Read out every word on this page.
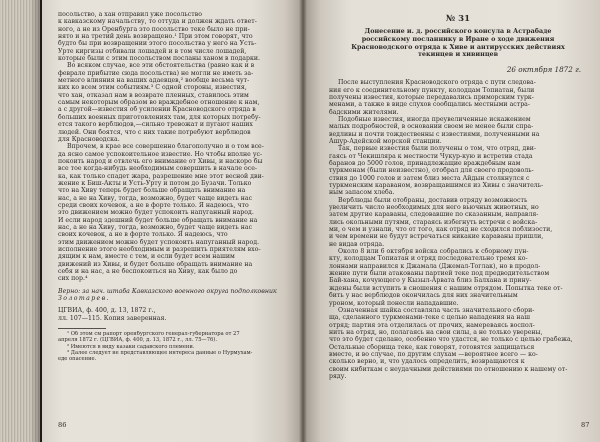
посольство, а хан отправил уже посольство
к кавказскому начальству, то оттуда и должен ждать ответ-
ного, а не из Оренбурга это посольство теке было не при-
нято и на третий день возвращено.¹ При этом говорят, что
будто бы при возвращении этого посольства у него на Усть-
Урте киргизы отбивали лошадей и в том числе лошадей,
которые были с этим посольством посланы ханом в подарки.
Во всяком случае, все эти обстоятельства (равно как и в
феврале прибытие сюда посольства) не могли не иметь за-
метного влияния на ваших адаевцев,² вообще весьма чут-
ких ко всем этим событиям.³ С одной стороны, известия,
что хан, отказал нам в возврате пленных, ставилось этим
самым некоторым образом во враждебное отношение к нам,
а с другой—известия об усилении Красноводского отряда в
больших военных приготовлениях там, для которых потребу-
ется такого верблюдов,—сильно тревожат и пугают наших
людей. Они боятся, что с них такие потребуют верблюдов
для Красноводска.
Впрочем, в крае все совершенно благополучно и о том все-
да ясно самое успокоительное известие. Но чтобы вполне ус-
покоить народ и отвлечь его внимание от Хивы, и наскоро бы
все тое когда-нибудь необходимым совершить в начале осе-
ка, как только спадет жара, разрешение мне этот весной дви-
жение к Биш-Акты и Усть-Урту и потом до Бузачи. Только
что на Хиву теперь будет больше обращать внимание на
нас, а не на Хиву, тогда, возможно, будет чаще видеть нас
среди своих кочевок, а не в форте только. Я надеюсь, что
это движением можно будет успокоить напуганный народ.
И если народ здешний будет больше обращать внимание на
нас, а не на Хиву, тогда, возможно, будет чаще видеть нас
своих кочевок, а не в форте только. Я надеюсь, что
этим движением можно будет успокоить напуганный народ.
исполнение этого необходимым и разрешить приятелям вхо-
дящим к нам, вместе с тем, и если будет всем нашим
движений из Хивы, и будет больше обращать внимание на
себя и на нас, а не беспокоиться на Хиву, как было до
сих пор.⁴
Верно: за нач. штаба Кавказского военного округа подполковник
Золотарев.
ЦГВИА, ф. 400, д. 13, 1872 г.,
лл. 107—115. Копия заверенная.
¹ Об этом см рапорт оренбургского генерал-губернатора от 27
апреля 1872 г. (ЦГВИА, ф. 400, д. 13, 1872 г., лл. 75—76).
² Имеются в виду казаки садавского племени.
³ Далее следует не представляющее интереса данные о Нурмухам-
еде опасение.
86
№ 31
Донесение и. д. российского консула в Астрабаде
российскому посланнику в Иране о ходе движения
Красноводского отряда к Хиве и антирусских действиях
текинцев и хивинцев
26 октября 1872 г.
После выступления Красноводского отряда с пути следова-
ния его к соединительному пункту, колодцам Топиатан, были
получены известия, которые передавались приморским турк-
менами, а также в виде слухов сообщались местными астра-
бадскими жителями.
Подобные известия, иногда преувеличенные искажением
малых подробностей, в основании своем не менее были спра-
ведливы и почти тождественны с известиями, полученными на
Ашур-Адейской морской станции.
Так, первые известия были получены о том, что отряд, дви-
гаясь от Чекишляра к местности Чукур-кую и встретив стада
баранов до 5000 голов, принадлежащие враждебным нам
туркменам (были неизвестно), отобрал для своего продоволь-
ствия до 1000 голов и затем близ места Айдын столкнулся с
туркменским караваном, возвращавшимся из Хивы с значитель-
ным запасом хлеба.
Верблюды были отобраны, доставив отряду возможность
увеличить число необходимых для него вьючных животных, но
затем другие караваны, следовавшие по сказанным, направля-
лись окольными путями, стараясь избегнуть встречи с войска-
ми, о чем и узнали, что от того, как отряд не сходился поблизости,
и чем времени не будут встречаться никакие караваны пришли,
не видав отряда.
Около 8 или 6 октября войска собрались к сборному пун-
кту, колодцам Топиатан и отряд последовательно тремя ко-
лоннами направился к Джамала (Джемал-Тоглак), но в продол-
жение пути были атакованы партией теке под предводительством
Бай-хана, кочующего у Кызыл-Арвата близ Балхана и прину-
ждены были вступить в сношения с нашим отрядом. Попытка теке от-
бить у нас верблюдов окончилась для них значительным
уроном, который понесли нападавшие.
Означенная шайка составляла часть значительного сбори-
ща, сделанного туркменами-теке с целью нападения на наш
отряд; партия эта отделилась от прочих, намереваясь воспол-
нить на отряд, но, полагаясь на свои силы, а не только уверены,
что это будет сделано, особенно что удастся, не только с целью грабежа,
Остальные сборища теке, как говорят, готовятся защищаться
вместе, и во случае, по другим слухам —вероятнее всего — ко-
сколько верно, и, что удалось определить, возвращаются к
своим кибиткам с неудачными действиями по отношению к нашему от-
ряду.
87
